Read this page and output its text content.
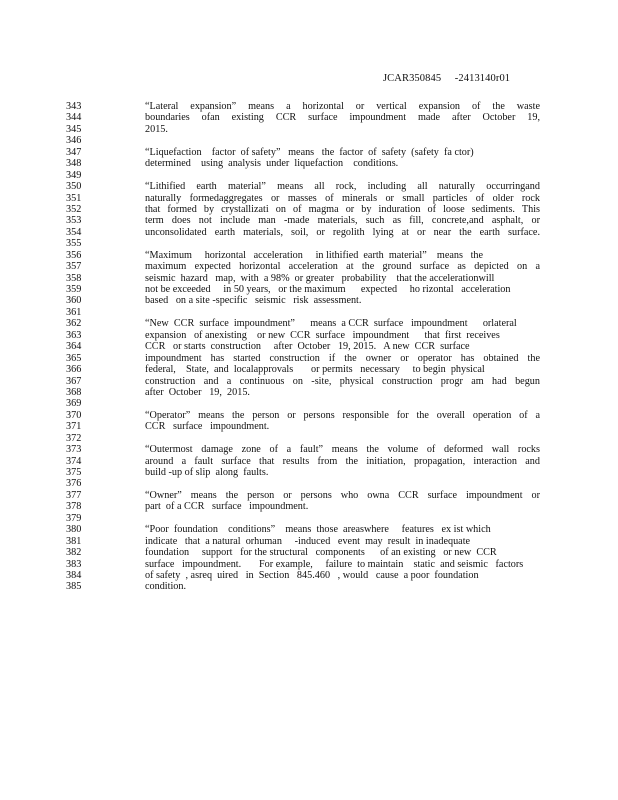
JCAR350845     -2413140r01
343	“Lateral expansion” means a horizontal or vertical expansion of the waste
344	boundaries ofan existing CCR surface impoundment made after October 19,
345	2015.
346
347	“Liquefaction    factor  of safety”   means   the  factor  of  safety  (safety  fa ctor)
348	determined    using  analysis  under  liquefaction    conditions.
349
350	“Lithified earth material” means all rock, including all naturally occurringand
351	naturally formedaggregates or masses of minerals or small particles of older rock
352	that formed by crystallizati on of magma or by induration of loose sediments. This
353	term does not include man -made materials, such as fill, concrete,and asphalt, or
354	unconsolidated earth materials, soil, or regolith lying at or near the earth surface.
355
356	“Maximum     horizontal   acceleration     in lithified  earth  material”    means   the
357	maximum expected horizontal acceleration at the ground surface as depicted on a
358	seismic  hazard   map,  with  a 98%  or greater   probability    that the accelerationwill
359	not be exceeded     in 50 years,   or the maximum      expected     ho rizontal   acceleration
360	based   on a site -specific   seismic   risk  assessment.
361
362	“New  CCR  surface  impoundment”      means  a CCR  surface   impoundment      orlateral
363	expansion   of anexisting    or new  CCR  surface   impoundment      that  first  receives
364	CCR   or starts  construction     after  October   19, 2015.   A new  CCR  surface
365	impoundment has started construction if the owner or operator has obtained the
366	federal,    State,  and  localapprovals       or permits   necessary     to begin  physical
367	construction and a continuous on -site, physical construction progr am had begun
368	after  October   19,  2015.
369
370	“Operator” means the person or persons responsible for the overall operation of a
371	CCR   surface   impoundment.
372
373	“Outermost damage zone of a fault” means the volume of deformed wall rocks
374	around a fault surface that results from the initiation, propagation, interaction and
375	build -up of slip  along  faults.
376
377	“Owner” means the person or persons who owna CCR surface impoundment or
378	part  of a CCR   surface   impoundment.
379
380	“Poor  foundation    conditions”    means  those  areaswhere     features   ex ist which
381	indicate   that  a natural  orhuman     -induced   event  may  result  in inadequate
382	foundation     support   for the structural   components      of an existing   or new  CCR
383	surface   impoundment.       For example,     failure  to maintain    static  and seismic   factors
384	of safety  , asreq  uired   in  Section   845.460   , would   cause  a poor  foundation
385	condition.
